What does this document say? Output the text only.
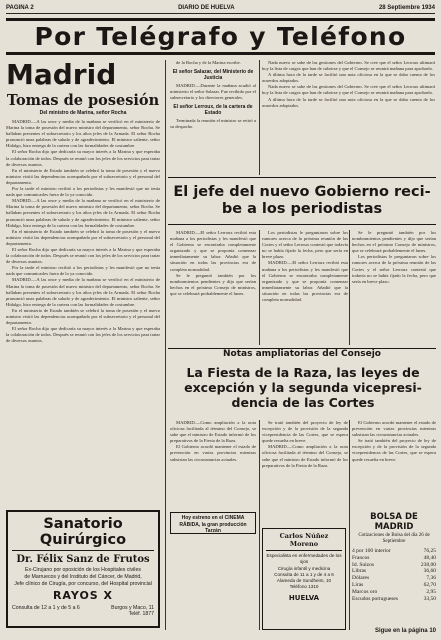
PAGINA 2	DIARIO DE HUELVA	28 Septiembre 1934
Por Telégrafo y Teléfono
Madrid
Tomas de posesión
Del ministro de Marina, señor Rocha

MADRID.—A las once y media de la mañana se verificó en el ministerio de Marina la toma de posesión del nuevo ministro del departamento, señor Rocha. Se hallaban presentes el subsecretario y los altos jefes de la Armada. El señor Rocha pronunció unas palabras de saludo y de agradecimiento. El ministro saliente, señor Hidalgo, hizo entrega de la cartera con las formalidades de costumbre.

El señor Rocha dijo que dedicaría su mayor interés a la Marina y que esperaba la colaboración de todos. Después se reunió con los jefes de los servicios para tratar de diversos asuntos.

En el ministerio de Estado también se celebró la toma de posesión y el nuevo ministro visitó las dependencias acompañado por el subsecretario y el personal del departamento.

Por la tarde el ministro recibió a los periodistas y les manifestó que no tenía nada que comunicarles fuera de lo ya conocido.

MADRID.—A las once y media de la mañana se verificó en el ministerio de Marina la toma de posesión del nuevo ministro del departamento, señor Rocha. Se hallaban presentes el subsecretario y los altos jefes de la Armada. El señor Rocha pronunció unas palabras de saludo y de agradecimiento. El ministro saliente, señor Hidalgo, hizo entrega de la cartera con las formalidades de costumbre.

En el ministerio de Estado también se celebró la toma de posesión y el nuevo ministro visitó las dependencias acompañado por el subsecretario y el personal del departamento.

El señor Rocha dijo que dedicaría su mayor interés a la Marina y que esperaba la colaboración de todos. Después se reunió con los jefes de los servicios para tratar de diversos asuntos.

Por la tarde el ministro recibió a los periodistas y les manifestó que no tenía nada que comunicarles fuera de lo ya conocido.

MADRID.—A las once y media de la mañana se verificó en el ministerio de Marina la toma de posesión del nuevo ministro del departamento, señor Rocha. Se hallaban presentes el subsecretario y los altos jefes de la Armada. El señor Rocha pronunció unas palabras de saludo y de agradecimiento. El ministro saliente, señor Hidalgo, hizo entrega de la cartera con las formalidades de costumbre.

En el ministerio de Estado también se celebró la toma de posesión y el nuevo ministro visitó las dependencias acompañado por el subsecretario y el personal del departamento.

El señor Rocha dijo que dedicaría su mayor interés a la Marina y que esperaba la colaboración de todos. Después se reunió con los jefes de los servicios para tratar de diversos asuntos.

de la Rocha y de la Marina escribe.

El señor Salazar, del Ministerio de Justicia

MADRID.—Durante la mañana acudió al ministerio el señor Salazar. Fue recibido por el subsecretario y los directores generales.

El señor Lerroux, de la cartera de Estado

Terminada la reunión el ministro se retiró a su despacho.

Nada nuevo se sabe de las gestiones del Gobierno. Se cree que el señor Lerroux ultimará hoy la lista de cargos que han de cubrirse y que el Consejo se reunirá mañana para aprobarla.

A última hora de la tarde se facilitó una nota oficiosa en la que se daba cuenta de los acuerdos adoptados.

Nada nuevo se sabe de las gestiones del Gobierno. Se cree que el señor Lerroux ultimará hoy la lista de cargos que han de cubrirse y que el Consejo se reunirá mañana para aprobarla.

A última hora de la tarde se facilitó una nota oficiosa en la que se daba cuenta de los acuerdos adoptados.

El jefe del nuevo Gobierno reci-
be a los periodistas

MADRID.—El señor Lerroux recibió esta mañana a los periodistas y les manifestó que el Gobierno se encontraba completamente organizado y que se proponía comenzar inmediatamente su labor. Añadió que la situación en todas las provincias era de completa normalidad.

Se le preguntó también por los nombramientos pendientes y dijo que serían hechos en el próximo Consejo de ministros, que se celebrará probablemente el lunes.

Los periodistas le preguntaron sobre los rumores acerca de la próxima reunión de las Cortes y el señor Lerroux contestó que todavía no se había fijado la fecha, pero que sería en breve plazo.

MADRID.—El señor Lerroux recibió esta mañana a los periodistas y les manifestó que el Gobierno se encontraba completamente organizado y que se proponía comenzar inmediatamente su labor. Añadió que la situación en todas las provincias era de completa normalidad.

Se le preguntó también por los nombramientos pendientes y dijo que serían hechos en el próximo Consejo de ministros, que se celebrará probablemente el lunes.

Los periodistas le preguntaron sobre los rumores acerca de la próxima reunión de las Cortes y el señor Lerroux contestó que todavía no se había fijado la fecha, pero que sería en breve plazo.

Notas ampliatorias del Consejo
La Fiesta de la Raza, las leyes de
excepción y la segunda vicepresi-
dencia de las Cortes

MADRID.—Como ampliación a la nota oficiosa facilitada al término del Consejo, se sabe que el ministro de Estado informó de los preparativos de la Fiesta de la Raza.

El Gobierno acordó mantener el estado de prevención en varias provincias mientras subsistan las circunstancias actuales.

Se trató también del proyecto de ley de excepción y de la provisión de la segunda vicepresidencia de las Cortes, que se espera quede resuelta en breve.

MADRID.—Como ampliación a la nota oficiosa facilitada al término del Consejo, se sabe que el ministro de Estado informó de los preparativos de la Fiesta de la Raza.

El Gobierno acordó mantener el estado de prevención en varias provincias mientras subsistan las circunstancias actuales.

Se trató también del proyecto de ley de excepción y de la provisión de la segunda vicepresidencia de las Cortes, que se espera quede resuelta en breve.

Hoy estreno en el CINEMA
RÁBIDA, la gran producción
Tarzán
Sanatorio Quirúrgico
Dr. Félix Sanz de Frutos
Ex-Cirujano por oposición de los Hospitales civiles
de Marruecos y del Instituto del Cáncer, de Madrid,
Jefe clínico de Cirugía, por concurso, del Hospital provincial
RAYOS X
Consulta de 12 a 1 y de 5 a 6	Burgos y Maco, 11
Teléf. 1877
Carlos Núñez Moreno
Especialista en enfermedades de los ojos
Cirugía infantil y medicina
Consulta de 11 a 1 y de 4 a 6
Alameda de Sundheim, 10
Teléfono 1310
HUELVA
BOLSA DE MADRID
Cotizaciones de Bolsa del día 26 de Septiembre
4 por 100 interior	76,25
Francos	48,40
Id. Suizos	238,00
Libras	36,60
Dólares	7,36
Liras	62,70
Marcos oro	2,95
Escudos portugueses	33,50
Sigue en la página 10
